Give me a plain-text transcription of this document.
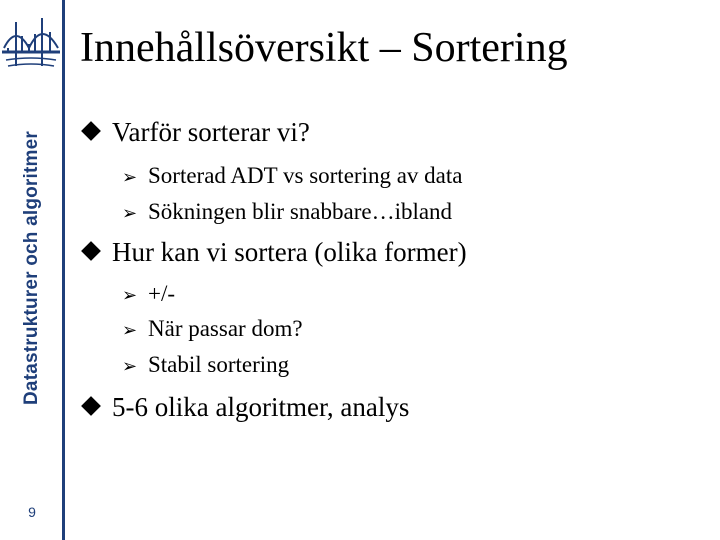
Datastrukturer och algoritmer
9
Innehållsöversikt – Sortering
Varför sorterar vi?
➢ Sorterad ADT vs sortering av data
➢ Sökningen blir snabbare…ibland
Hur kan vi sortera (olika former)
➢ +/-
➢ När passar dom?
➢ Stabil sortering
5-6 olika algoritmer, analys
